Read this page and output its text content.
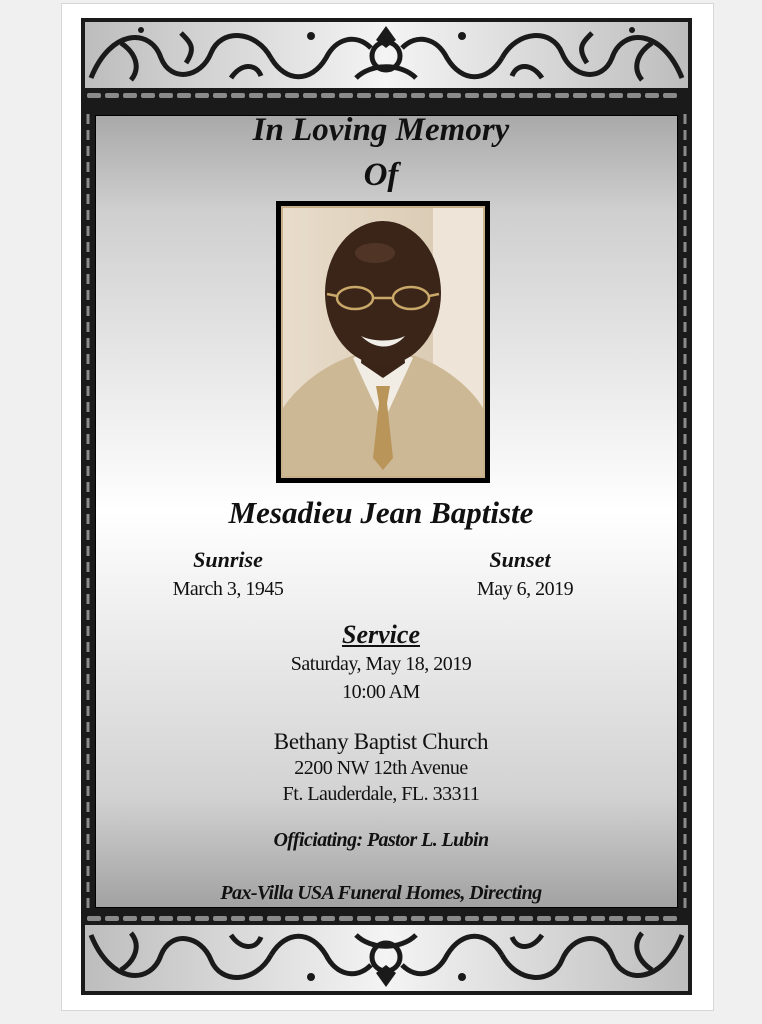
In Loving Memory
Of
Mesadieu Jean Baptiste
Sunrise
March 3, 1945
Sunset
May 6, 2019
Service
Saturday, May 18, 2019
10:00 AM
Bethany Baptist Church
2200 NW 12th Avenue
Ft. Lauderdale, FL. 33311
Officiating: Pastor L. Lubin
Pax-Villa USA Funeral Homes, Directing
